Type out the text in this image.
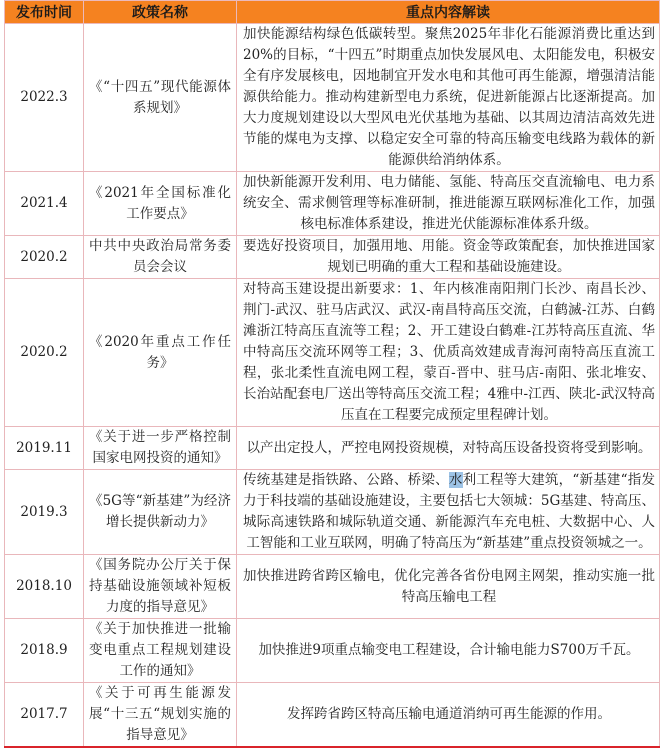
发布时间	政策名称	重点内容解读
2022.3	《“十四五”现代能源体系规划》	加快能源结构绿色低碳转型。聚焦2025年非化石能源消费比重达到20%的目标，“十四五”时期重点加快发展风电、太阳能发电，积极安全有序发展核电，因地制宜开发水电和其他可再生能源，增强清洁能源供给能力。推动构建新型电力系统，促进新能源占比逐渐提高。加大力度规划建设以大型风电光伏基地为基础、以其周边清洁高效先进节能的煤电为支撑、以稳定安全可靠的特高压输变电线路为载体的新能源供给消纳体系。
2021.4	《2021年全国标准化工作要点》	加快新能源开发利用、电力储能、氢能、特高压交直流输电、电力系统安全、需求侧管理等标准研制，推进能源互联网标准化工作，加强核电标准体系建设，推进光伏能源标准体系升级。
2020.2	中共中央政治局常务委员会会议	要选好投资项目，加强用地、用能。资金等政策配套，加快推进国家规划已明确的重大工程和基础设施建设。
2020.2	《2020年重点工作任务》	对特高玉建设提出新要求：1、年内核准南阳荆门长沙、南昌长沙、荆门-武汉、驻马店武汉、武汉-南昌特高压交流，白鹤滅-江苏、白鹤滩浙江特高压直流等工程；2、开工建设白鹤难-江苏特高压直流、华中特高压交流环网等工程；3、优质高效建成青海河南特高压直流工程，张北柔性直流电网工程，蒙百-晋中、驻马店-南阳、张北堆安、长治站配套电厂送出等特高压交流工程；4雅中-江西、陕北-武汉特高压直在工程要完成预定里程碑计划。
2019.11	《关于进一步严格控制国家电网投资的通知》	以产出定投人，严控电网投资规模，对特高压设备投资将受到影响。
2019.3	《5G等“新基建”为经济增长提供新动力》	传统基建是指铁路、公路、桥梁、水利工程等大建筑，“新基建“指发力于科技端的基础设施建设，主要包括七大领城：5G基建、特高压、城际高速铁路和城际轨道交通、新能源汽车充电桩、大数据中心、人工智能和工业互联网，明确了特高压为“新基建”重点投资领城之一。
2018.10	《国务院办公厅关于保持基础设施领域补短板力度的指导意见》	加快推进跨省跨区输电，优化完善各省份电网主网架，推动实施一批特高压输电工程
2018.9	《关于加快推进一批输变电重点工程规划建设工作的通知》	加快推进9项重点输变电工程建设，合计输电能力S700万千瓦。
2017.7	《关于可再生能源发展“十三五“规划实施的指导意见》	发挥跨省跨区特高压输电通道消纳可再生能源的作用。
